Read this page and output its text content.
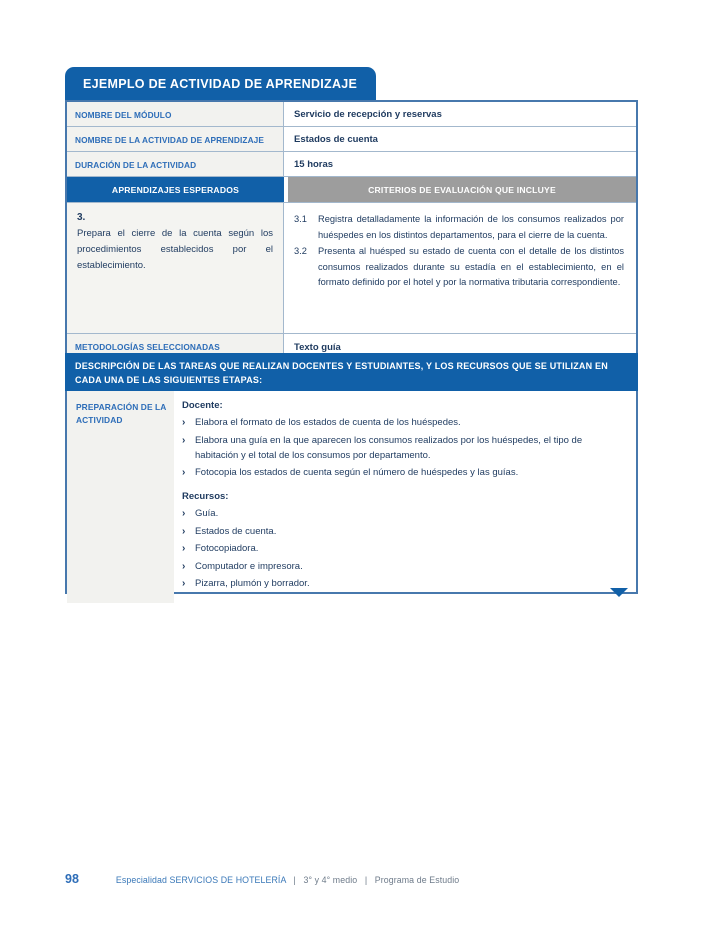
EJEMPLO DE ACTIVIDAD DE APRENDIZAJE
NOMBRE DEL MÓDULO	Servicio de recepción y reservas
NOMBRE DE LA ACTIVIDAD DE APRENDIZAJE	Estados de cuenta
DURACIÓN DE LA ACTIVIDAD	15 horas
APRENDIZAJES ESPERADOS	CRITERIOS DE EVALUACIÓN QUE INCLUYE
3.
Prepara el cierre de la cuenta según los procedimientos establecidos por el establecimiento.
3.1	Registra detalladamente la información de los consumos realizados por huéspedes en los distintos departamentos, para el cierre de la cuenta.
3.2	Presenta al huésped su estado de cuenta con el detalle de los distintos consumos realizados durante su estadía en el establecimiento, en el formato definido por el hotel y por la normativa tributaria correspondiente.
METODOLOGÍAS SELECCIONADAS	Texto guía
DESCRIPCIÓN DE LAS TAREAS QUE REALIZAN DOCENTES Y ESTUDIANTES, Y LOS RECURSOS QUE SE UTILIZAN EN CADA UNA DE LAS SIGUIENTES ETAPAS:
PREPARACIÓN DE LA ACTIVIDAD
Docente:
›	Elabora el formato de los estados de cuenta de los huéspedes.
›	Elabora una guía en la que aparecen los consumos realizados por los huéspedes, el tipo de habitación y el total de los consumos por departamento.
›	Fotocopia los estados de cuenta según el número de huéspedes y las guías.
Recursos:
›	Guía.
›	Estados de cuenta.
›	Fotocopiadora.
›	Computador e impresora.
›	Pizarra, plumón y borrador.
98	Especialidad SERVICIOS DE HOTELERÍA | 3° y 4° medio | Programa de Estudio
